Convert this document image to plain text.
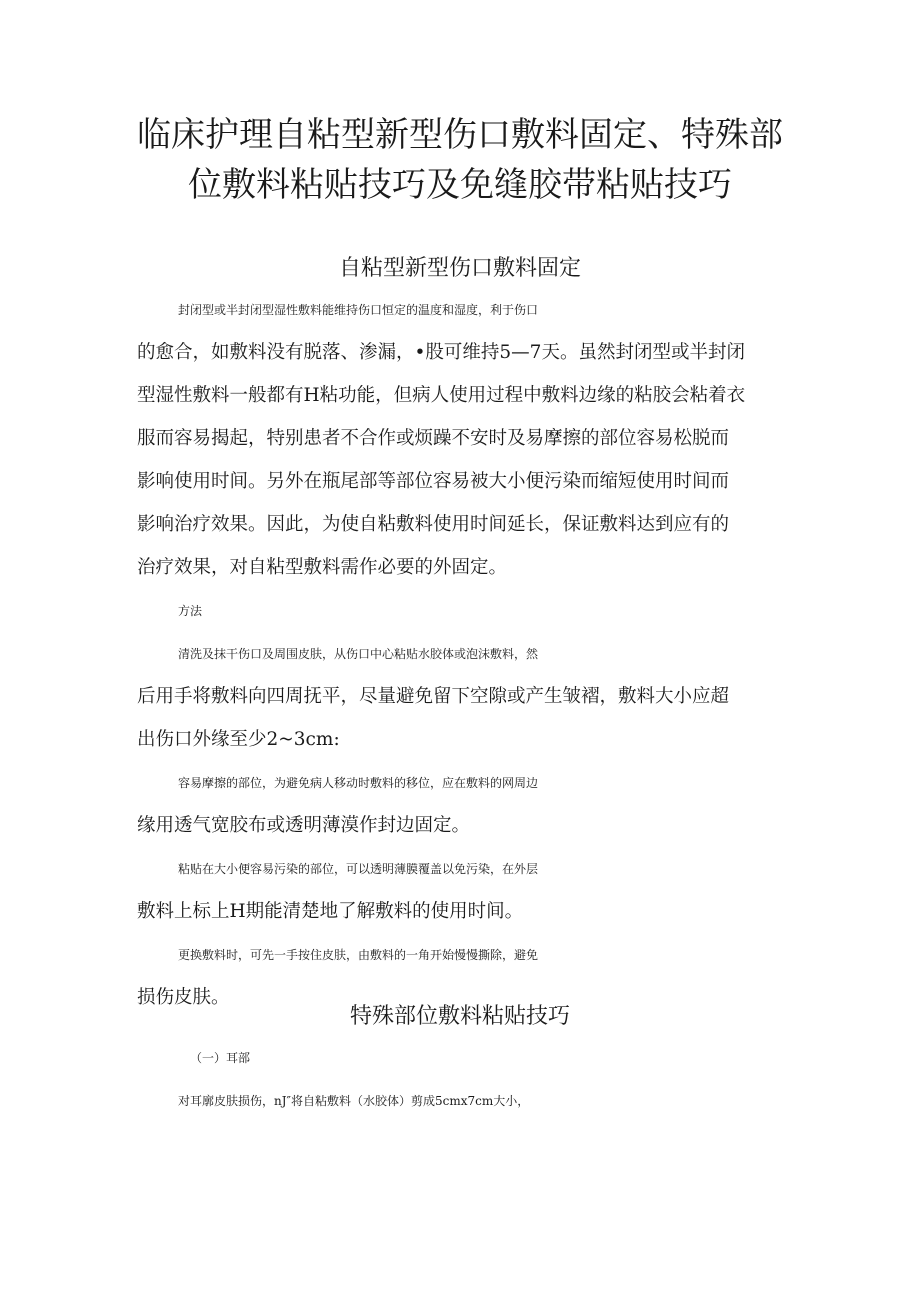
临床护理自粘型新型伤口敷料固定、特殊部
位敷料粘贴技巧及免缝胶带粘贴技巧
自粘型新型伤口敷料固定

封闭型或半封闭型湿性敷料能维持伤口恒定的温度和湿度，利于伤口

的愈合，如敷料没有脱落、渗漏，•股可维持5—7天。虽然封闭型或半封闭

型湿性敷料一般都有H粘功能，但病人使用过程中敷料边缘的粘胶会粘着衣

服而容易揭起，特别患者不合作或烦躁不安时及易摩擦的部位容易松脱而

影响使用时间。另外在瓶尾部等部位容易被大小便污染而缩短使用时间而

影响治疗效果。因此，为使自粘敷料使用时间延长，保证敷料达到应有的

治疗效果，对自粘型敷料需作必要的外固定。

方法

清洗及抹干伤口及周围皮肤，从伤口中心粘贴水胶体或泡沫敷料，然

后用手将敷料向四周抚平，尽量避免留下空隙或产生皱褶，敷料大小应超

出伤口外缘至少2~3cm:

容易摩擦的部位，为避免病人移动时敷料的移位，应在敷料的网周边

缘用透气宽胶布或透明薄漠作封边固定。

粘贴在大小便容易污染的部位，可以透明薄膜覆盖以免污染，在外层

敷料上标上H期能清楚地了解敷料的使用时间。

更换敷料时，可先一手按住皮肤，由敷料的一角开始慢慢撕除，避免

损伤皮肤。

特殊部位敷料粘贴技巧

（一）耳部

对耳廓皮肤损伤，nJ″将自粘敷料（水胶体）剪成5cmx7cm大小，
